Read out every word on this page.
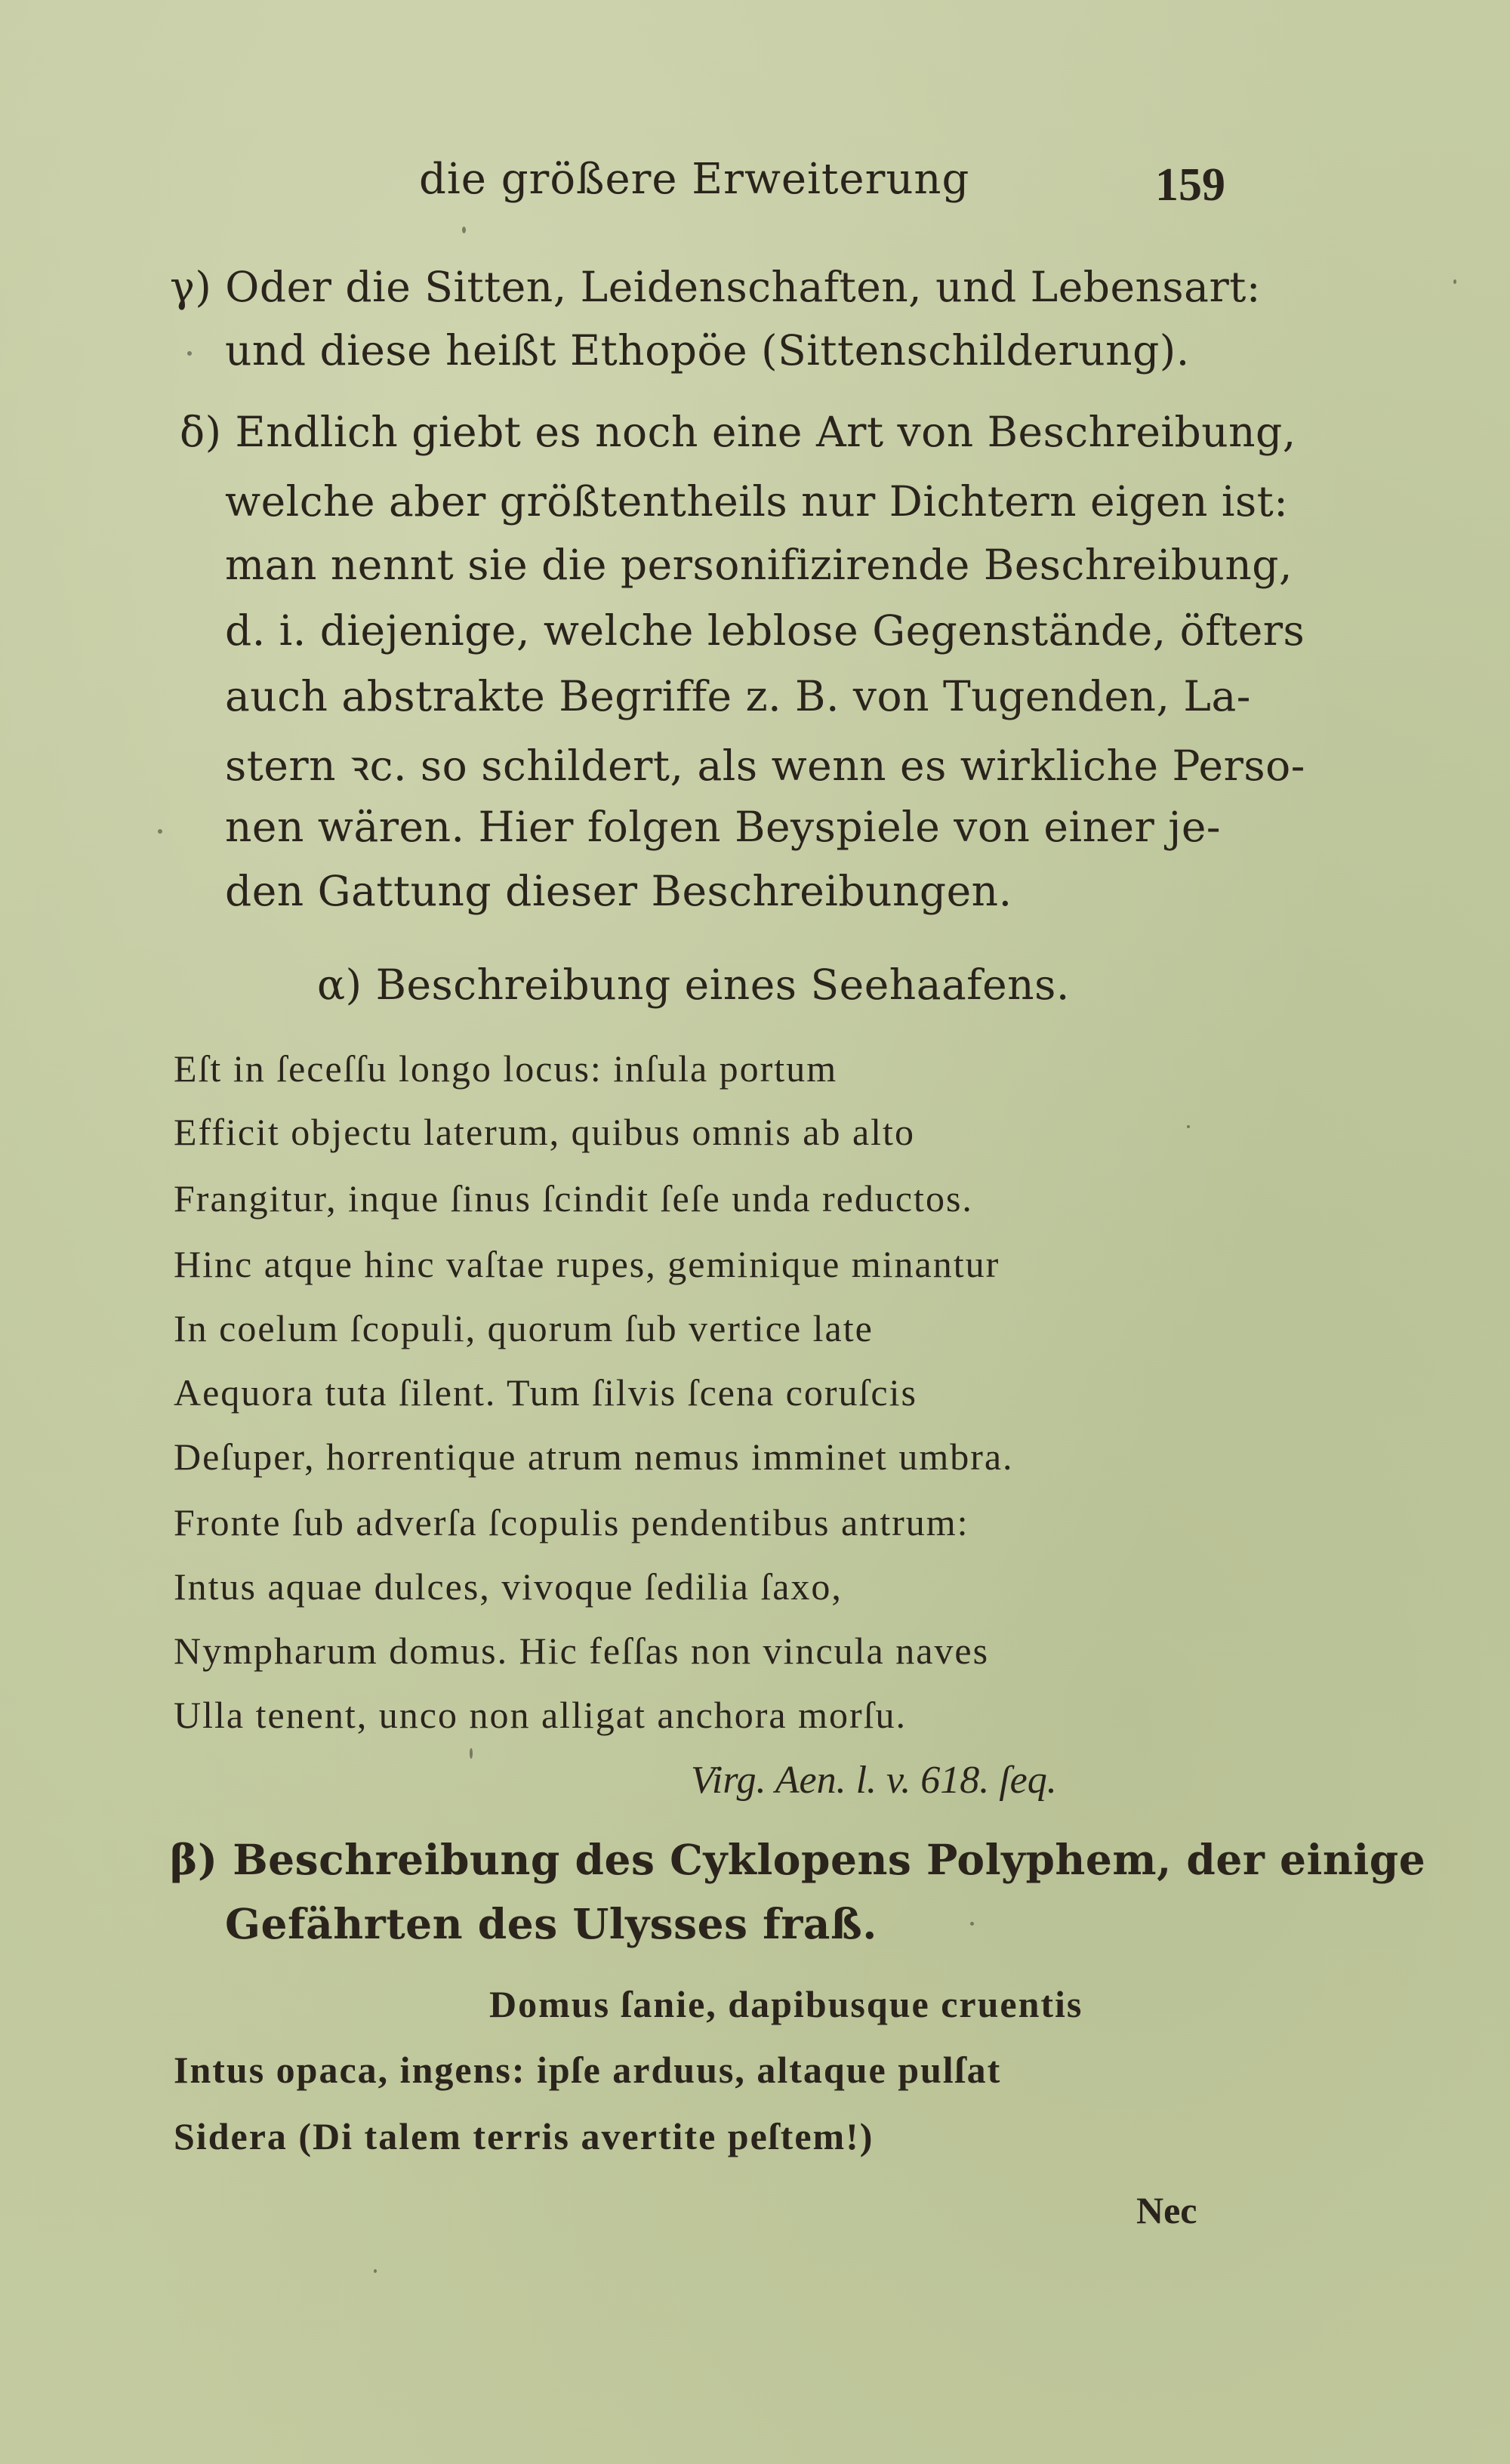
die größere Erweiterung	159
γ) Oder die Sitten, Leidenschaften, und Lebensart:
und diese heißt Ethopöe (Sittenschilderung).
δ) Endlich giebt es noch eine Art von Beschreibung,
welche aber größtentheils nur Dichtern eigen ist:
man nennt sie die personifizirende Beschreibung,
d. i. diejenige, welche leblose Gegenstände, öfters
auch abstrakte Begriffe z. B. von Tugenden, La-
stern ꝛc. so schildert, als wenn es wirkliche Perso-
nen wären. Hier folgen Beyspiele von einer je-
den Gattung dieser Beschreibungen.
α) Beschreibung eines Seehaafens.
Eſt in ſeceſſu longo locus: inſula portum
Efficit objectu laterum, quibus omnis ab alto
Frangitur, inque ſinus ſcindit ſeſe unda reductos.
Hinc atque hinc vaſtae rupes, geminique minantur
In coelum ſcopuli, quorum ſub vertice late
Aequora tuta ſilent. Tum ſilvis ſcena coruſcis
Deſuper, horrentique atrum nemus imminet umbra.
Fronte ſub adverſa ſcopulis pendentibus antrum:
Intus aquae dulces, vivoque ſedilia ſaxo,
Nympharum domus. Hic feſſas non vincula naves
Ulla tenent, unco non alligat anchora morſu.
Virg. Aen. l. v. 618. ſeq.
β) Beschreibung des Cyklopens Polyphem, der einige
Gefährten des Ulysses fraß.
Domus ſanie, dapibusque cruentis
Intus opaca, ingens: ipſe arduus, altaque pulſat
Sidera (Di talem terris avertite peſtem!)
Nec
